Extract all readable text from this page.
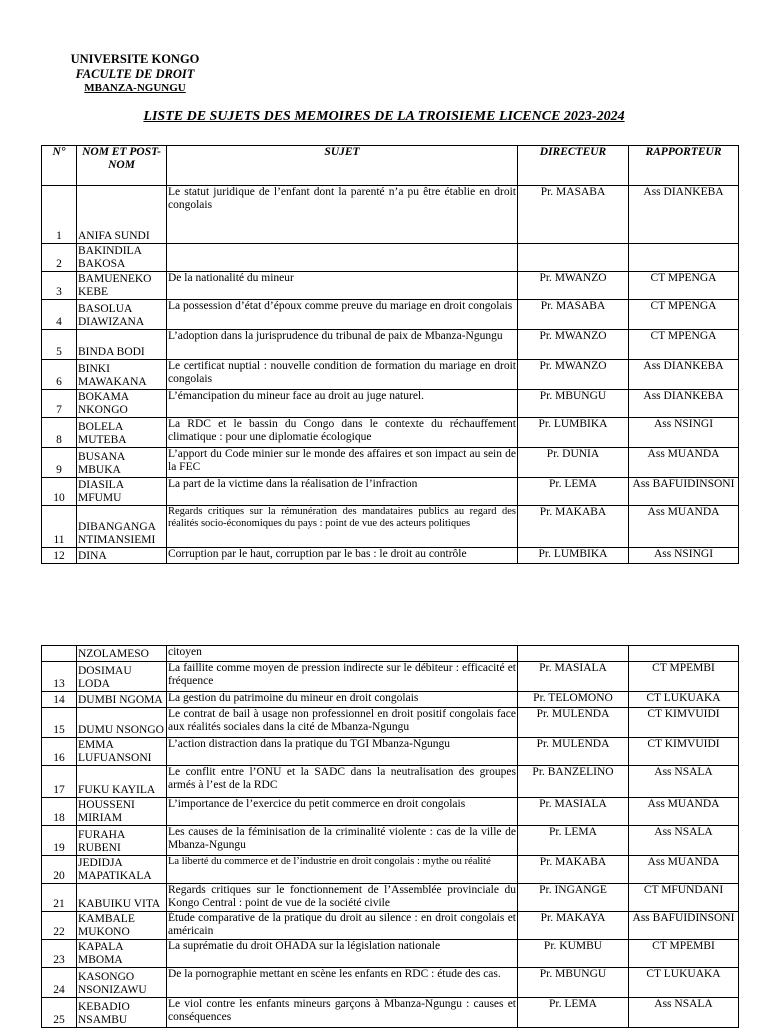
UNIVERSITE KONGO
FACULTE DE DROIT
MBANZA-NGUNGU
LISTE DE SUJETS DES MEMOIRES DE LA TROISIEME LICENCE 2023-2024
N°	NOM ET POST-NOM	SUJET	DIRECTEUR	RAPPORTEUR
1	ANIFA SUNDI	Le statut juridique de l’enfant dont la parenté n’a pu être établie en droit congolais	Pr. MASABA	Ass DIANKEBA
2	BAKINDILA BAKOSA			
3	BAMUENEKO KEBE	De la nationalité du mineur	Pr. MWANZO	CT MPENGA
4	BASOLUA DIAWIZANA	La possession d’état d’époux comme preuve du mariage en droit congolais	Pr. MASABA	CT MPENGA
5	BINDA BODI	L’adoption dans la jurisprudence du tribunal de paix de Mbanza-Ngungu	Pr. MWANZO	CT MPENGA
6	BINKI MAWAKANA	Le certificat nuptial : nouvelle condition de formation du mariage en droit congolais	Pr. MWANZO	Ass DIANKEBA
7	BOKAMA NKONGO	L’émancipation du mineur face au droit au juge naturel.	Pr. MBUNGU	Ass DIANKEBA
8	BOLELA MUTEBA	La RDC et le bassin du Congo dans le contexte du réchauffement climatique : pour une diplomatie écologique	Pr. LUMBIKA	Ass NSINGI
9	BUSANA MBUKA	L’apport du Code minier sur le monde des affaires et son impact au sein de la FEC	Pr. DUNIA	Ass MUANDA
10	DIASILA MFUMU	La part de la victime dans la réalisation de l’infraction	Pr. LEMA	Ass BAFUIDINSONI
11	DIBANGANGA NTIMANSIEMI	Regards critiques sur la rémunération des mandataires publics au regard des réalités socio-économiques du pays : point de vue des acteurs politiques	Pr. MAKABA	Ass MUANDA
12	DINA	Corruption par le haut, corruption par le bas : le droit au contrôle	Pr. LUMBIKA	Ass NSINGI
	NZOLAMESO	citoyen		
13	DOSIMAU LODA	La faillite comme moyen de pression indirecte sur le débiteur : efficacité et fréquence	Pr. MASIALA	CT MPEMBI
14	DUMBI NGOMA	La gestion du patrimoine du mineur en droit congolais	Pr. TELOMONO	CT LUKUAKA
15	DUMU NSONGO	Le contrat de bail à usage non professionnel en droit positif congolais face aux réalités sociales dans la cité de Mbanza-Ngungu	Pr. MULENDA	CT KIMVUIDI
16	EMMA LUFUANSONI	L’action distraction dans la pratique du TGI Mbanza-Ngungu	Pr. MULENDA	CT KIMVUIDI
17	FUKU KAYILA	Le conflit entre l’ONU et la SADC dans la neutralisation des groupes armés à l’est de la RDC	Pr. BANZELINO	Ass NSALA
18	HOUSSENI MIRIAM	L’importance de l’exercice du petit commerce en droit congolais	Pr. MASIALA	Ass MUANDA
19	FURAHA RUBENI	Les causes de la féminisation de la criminalité violente : cas de la ville de Mbanza-Ngungu	Pr. LEMA	Ass NSALA
20	JEDIDJA MAPATIKALA	La liberté du commerce et de l’industrie en droit congolais : mythe ou réalité	Pr. MAKABA	Ass MUANDA
21	KABUIKU VITA	Regards critiques sur le fonctionnement de l’Assemblée provinciale du Kongo Central : point de vue de la société civile	Pr. INGANGE	CT MFUNDANI
22	KAMBALE MUKONO	Étude comparative de la pratique du droit au silence : en droit congolais et américain	Pr. MAKAYA	Ass BAFUIDINSONI
23	KAPALA MBOMA	La suprématie du droit OHADA sur la législation nationale	Pr. KUMBU	CT MPEMBI
24	KASONGO NSONIZAWU	De la pornographie mettant en scène les enfants en RDC : étude des cas.	Pr. MBUNGU	CT LUKUAKA
25	KEBADIO NSAMBU	Le viol contre les enfants mineurs garçons à Mbanza-Ngungu : causes et conséquences	Pr. LEMA	Ass NSALA
